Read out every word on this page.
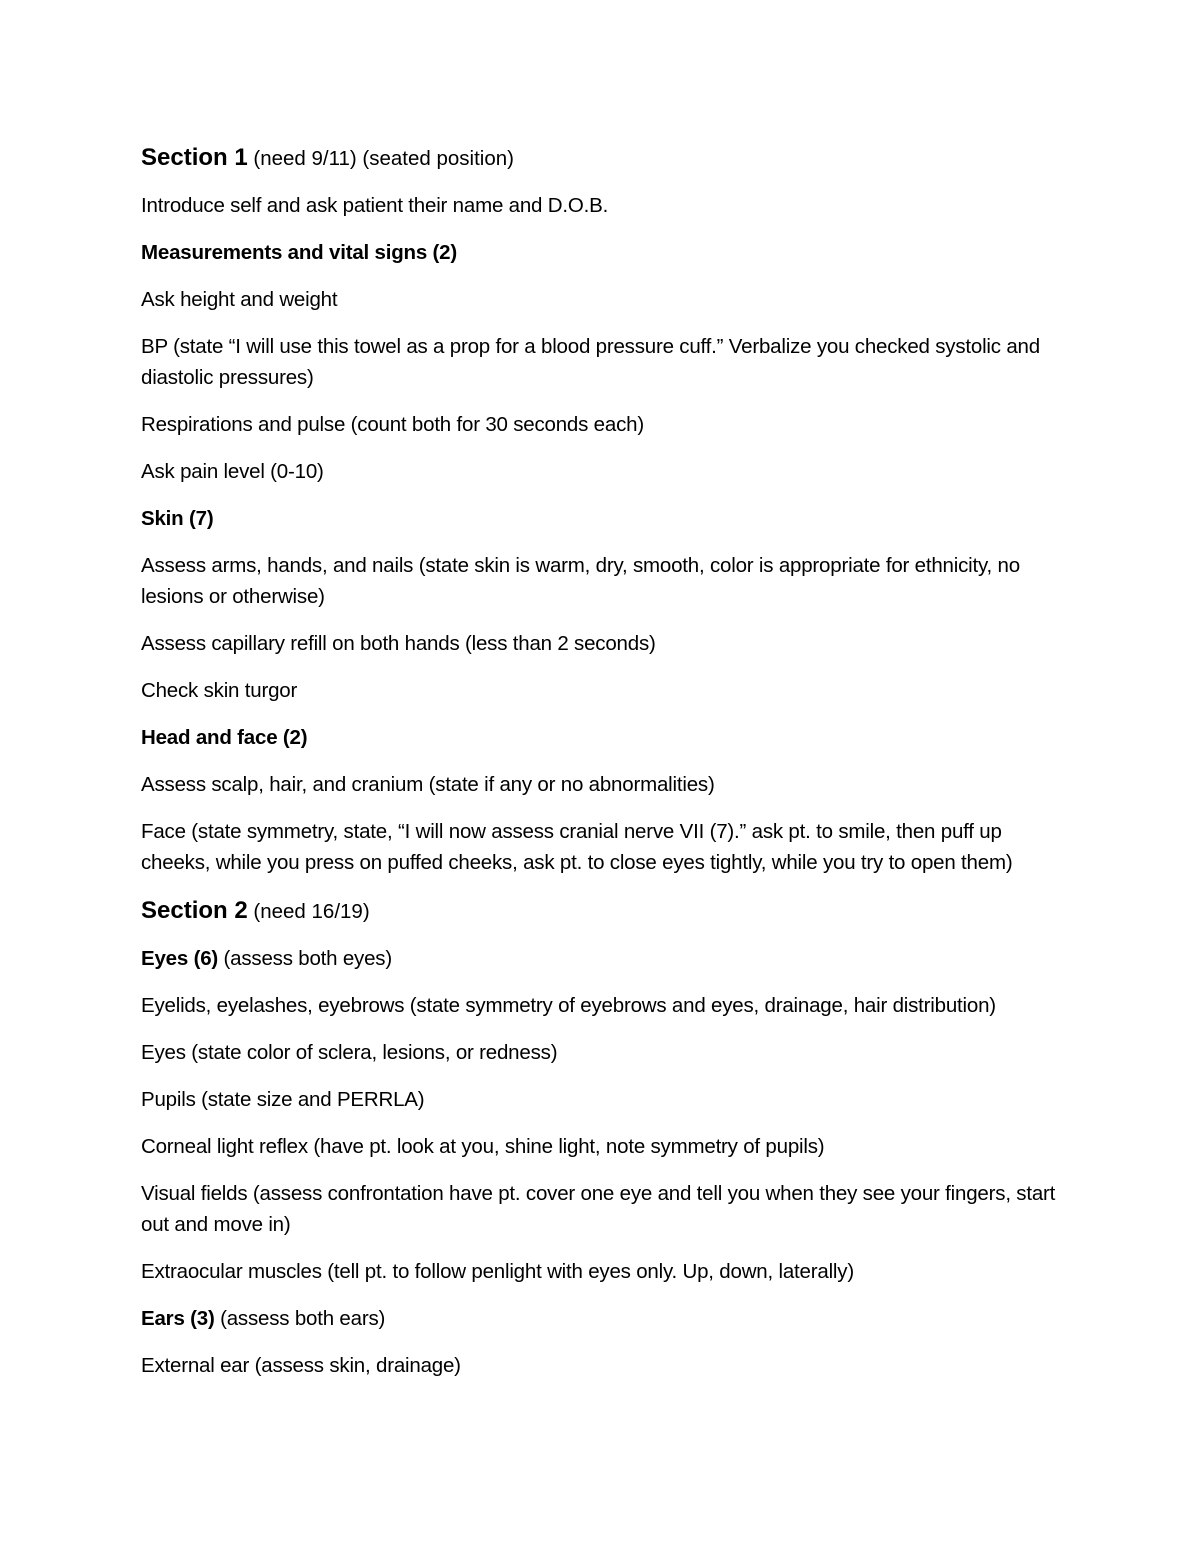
Section 1 (need 9/11) (seated position)

Introduce self and ask patient their name and D.O.B.

Measurements and vital signs (2)

Ask height and weight

BP (state “I will use this towel as a prop for a blood pressure cuff.” Verbalize you checked systolic and diastolic pressures)

Respirations and pulse (count both for 30 seconds each)

Ask pain level (0-10)

Skin (7)

Assess arms, hands, and nails (state skin is warm, dry, smooth, color is appropriate for ethnicity, no lesions or otherwise)

Assess capillary refill on both hands (less than 2 seconds)

Check skin turgor

Head and face (2)

Assess scalp, hair, and cranium (state if any or no abnormalities)

Face (state symmetry, state, “I will now assess cranial nerve VII (7).” ask pt. to smile, then puff up cheeks, while you press on puffed cheeks, ask pt. to close eyes tightly, while you try to open them)

Section 2 (need 16/19)

Eyes (6) (assess both eyes)

Eyelids, eyelashes, eyebrows (state symmetry of eyebrows and eyes, drainage, hair distribution)

Eyes (state color of sclera, lesions, or redness)

Pupils (state size and PERRLA)

Corneal light reflex (have pt. look at you, shine light, note symmetry of pupils)

Visual fields (assess confrontation have pt. cover one eye and tell you when they see your fingers, start out and move in)

Extraocular muscles (tell pt. to follow penlight with eyes only. Up, down, laterally)

Ears (3) (assess both ears)

External ear (assess skin, drainage)
